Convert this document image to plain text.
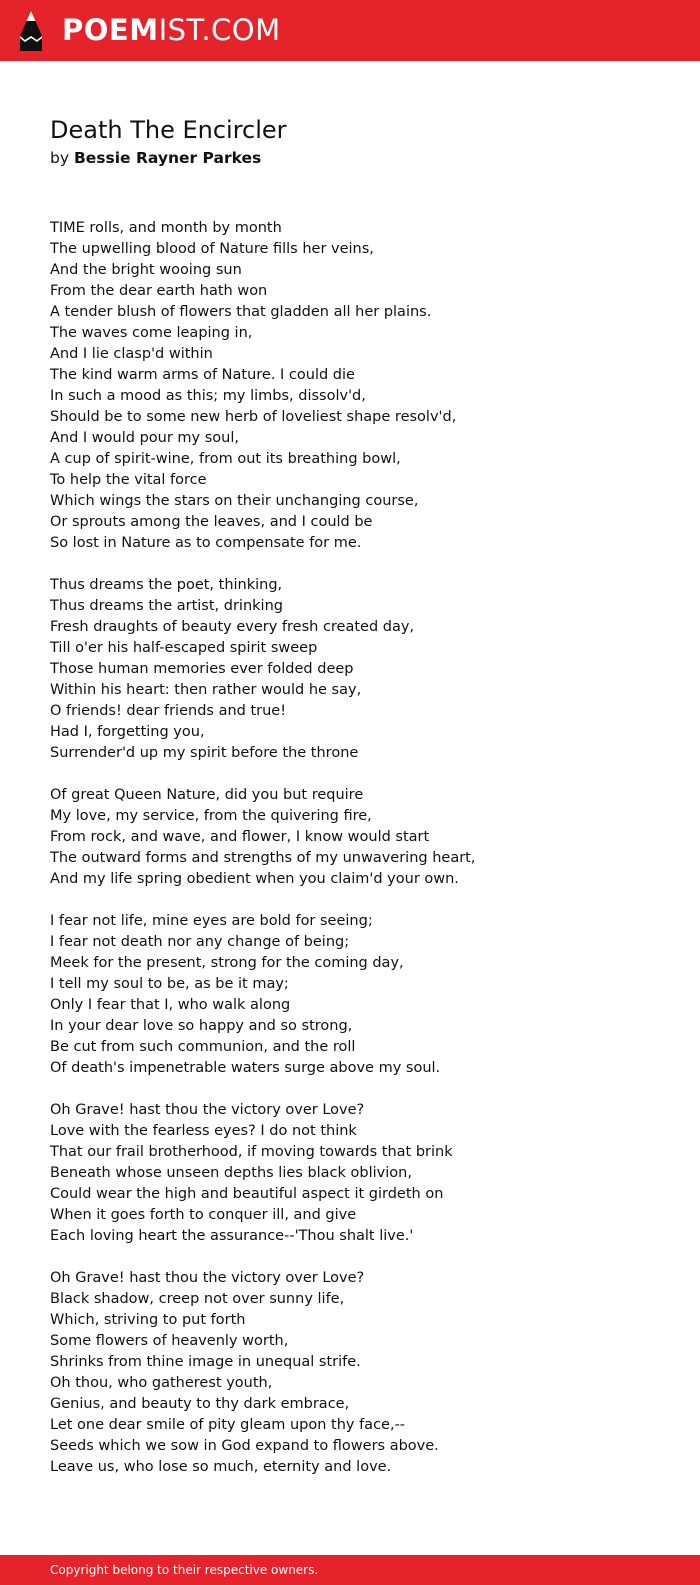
POEMIST.COM
Death The Encircler
by Bessie Rayner Parkes
TIME rolls, and month by month
The upwelling blood of Nature fills her veins,
And the bright wooing sun
From the dear earth hath won
A tender blush of flowers that gladden all her plains.
The waves come leaping in,
And I lie clasp'd within
The kind warm arms of Nature. I could die
In such a mood as this; my limbs, dissolv'd,
Should be to some new herb of loveliest shape resolv'd,
And I would pour my soul,
A cup of spirit-wine, from out its breathing bowl,
To help the vital force
Which wings the stars on their unchanging course,
Or sprouts among the leaves, and I could be
So lost in Nature as to compensate for me.
Thus dreams the poet, thinking,
Thus dreams the artist, drinking
Fresh draughts of beauty every fresh created day,
Till o'er his half-escaped spirit sweep
Those human memories ever folded deep
Within his heart: then rather would he say,
O friends! dear friends and true!
Had I, forgetting you,
Surrender'd up my spirit before the throne
Of great Queen Nature, did you but require
My love, my service, from the quivering fire,
From rock, and wave, and flower, I know would start
The outward forms and strengths of my unwavering heart,
And my life spring obedient when you claim'd your own.
I fear not life, mine eyes are bold for seeing;
I fear not death nor any change of being;
Meek for the present, strong for the coming day,
I tell my soul to be, as be it may;
Only I fear that I, who walk along
In your dear love so happy and so strong,
Be cut from such communion, and the roll
Of death's impenetrable waters surge above my soul.
Oh Grave! hast thou the victory over Love?
Love with the fearless eyes? I do not think
That our frail brotherhood, if moving towards that brink
Beneath whose unseen depths lies black oblivion,
Could wear the high and beautiful aspect it girdeth on
When it goes forth to conquer ill, and give
Each loving heart the assurance--'Thou shalt live.'
Oh Grave! hast thou the victory over Love?
Black shadow, creep not over sunny life,
Which, striving to put forth
Some flowers of heavenly worth,
Shrinks from thine image in unequal strife.
Oh thou, who gatherest youth,
Genius, and beauty to thy dark embrace,
Let one dear smile of pity gleam upon thy face,--
Seeds which we sow in God expand to flowers above.
Leave us, who lose so much, eternity and love.
Copyright belong to their respective owners.
